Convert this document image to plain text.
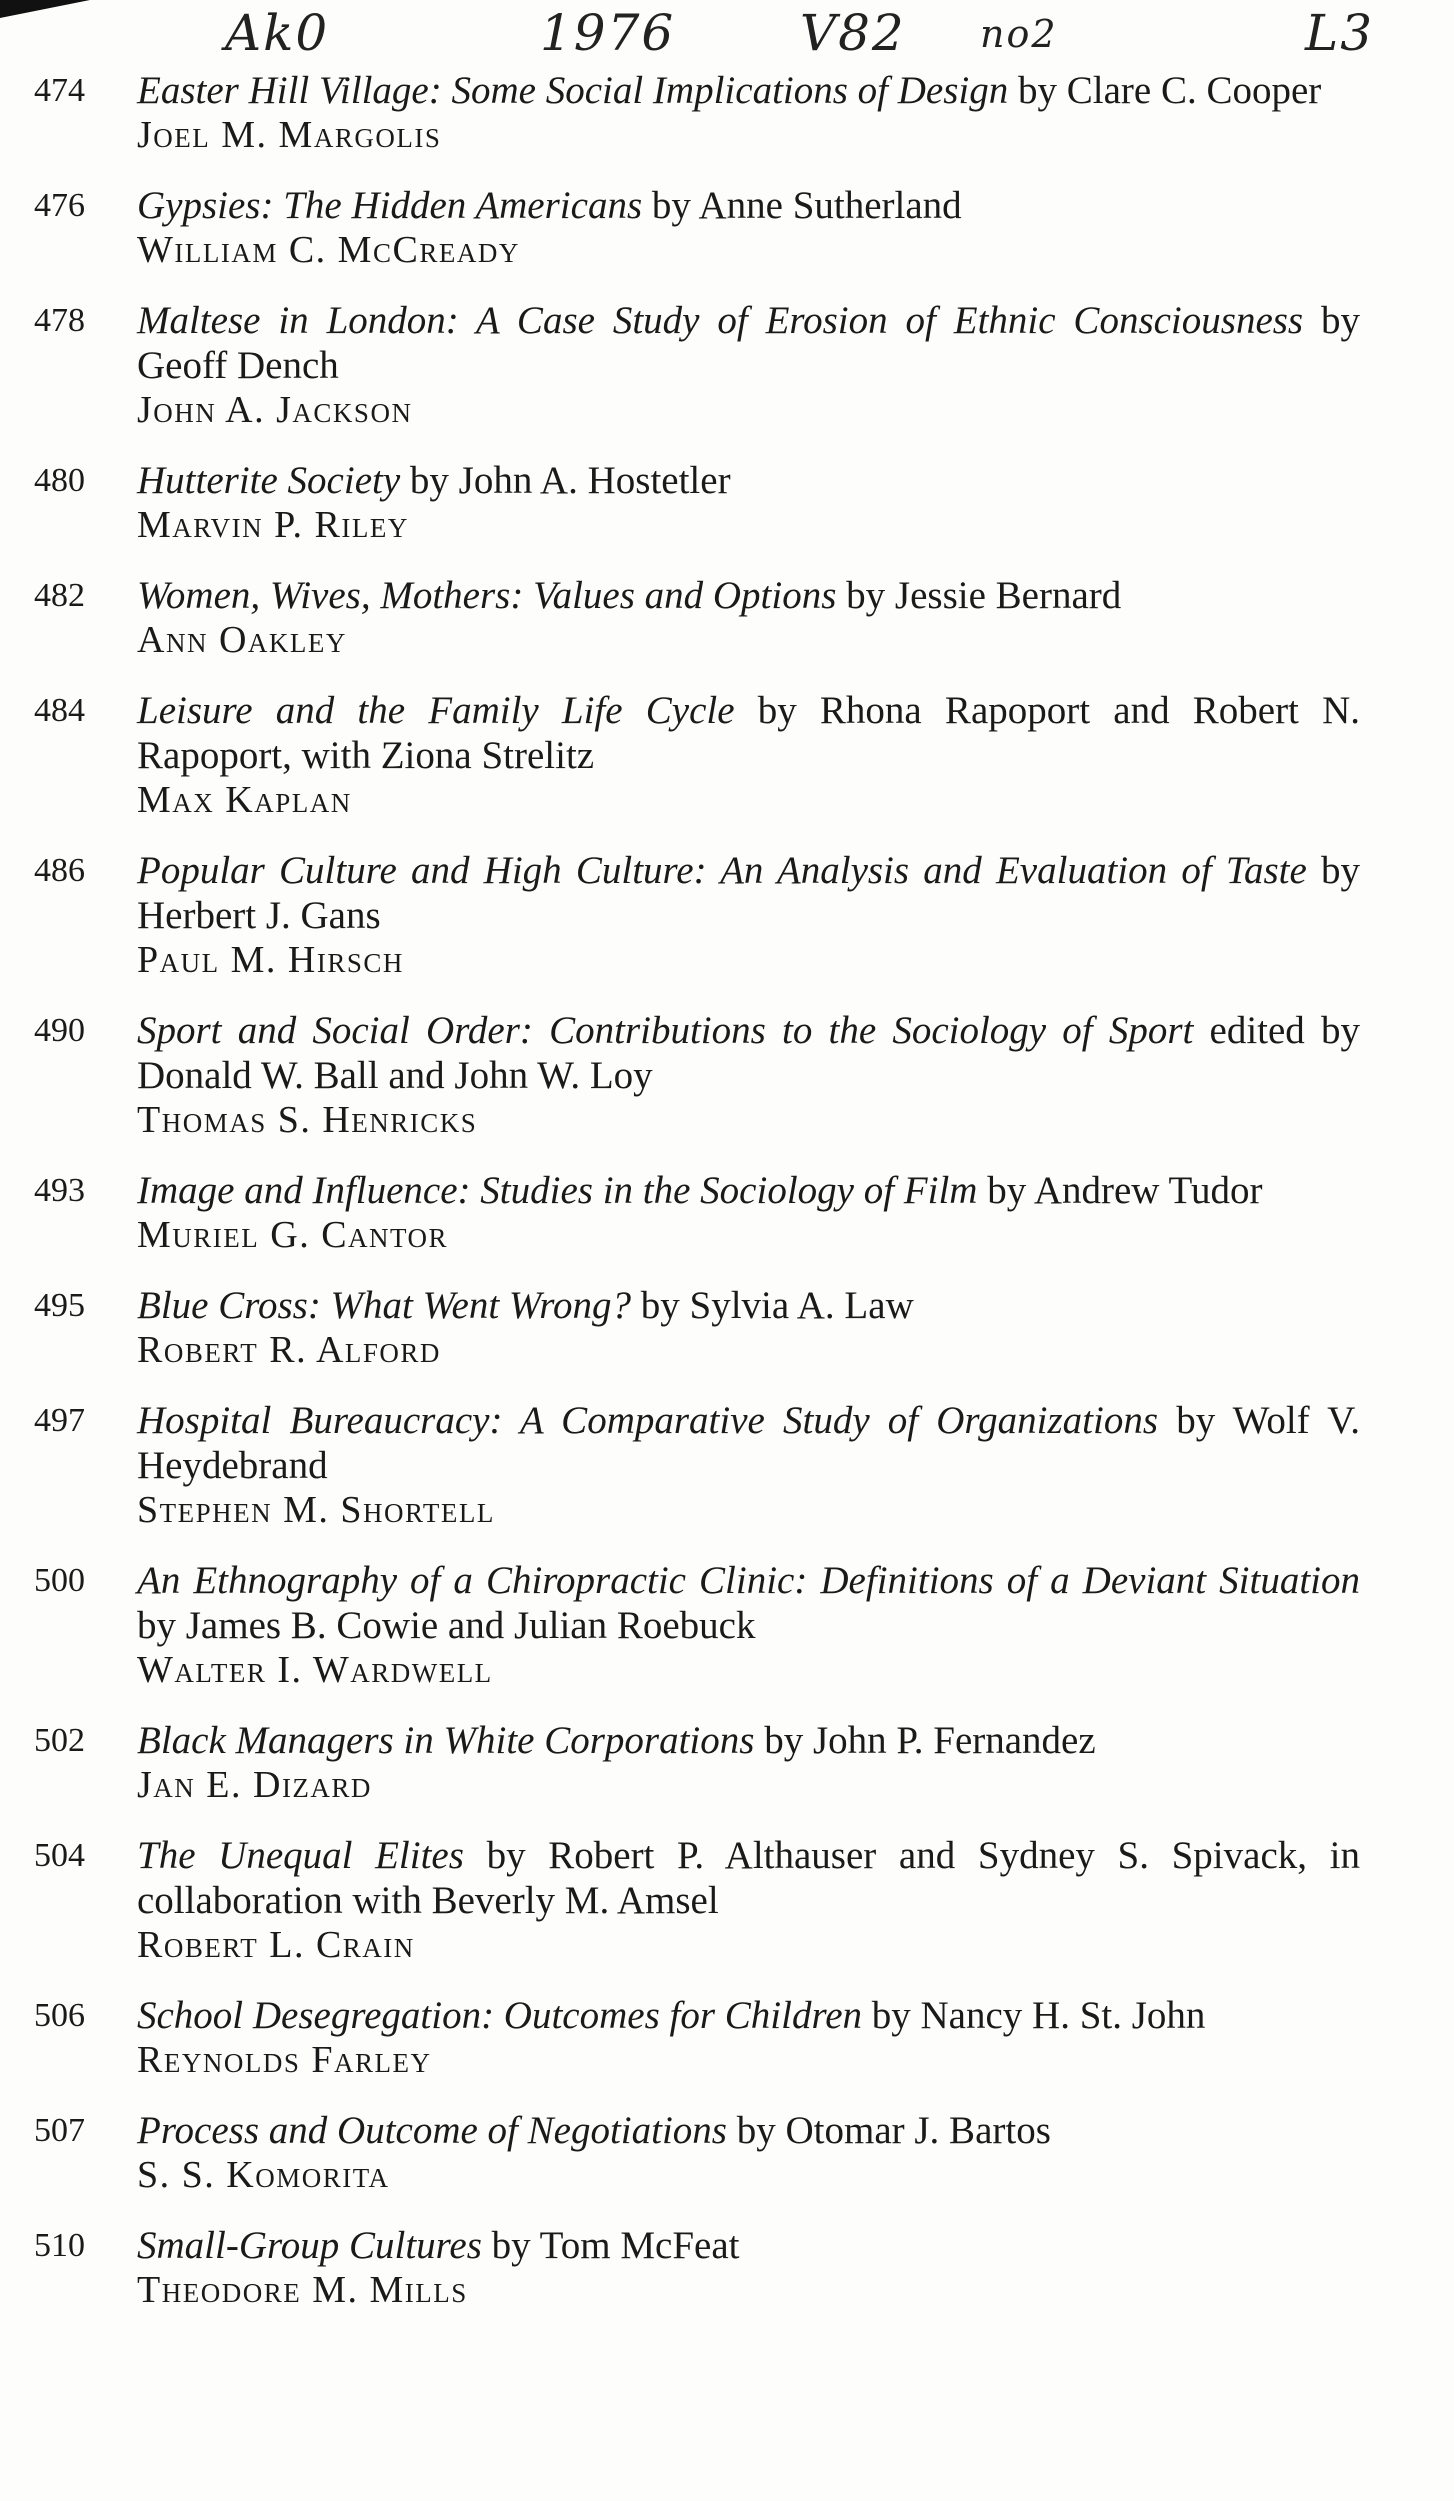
Ak0	1976 V82 no2	L3
474	Easter Hill Village: Some Social Implications of Design by Clare C. Cooper
Joel M. Margolis
476	Gypsies: The Hidden Americans by Anne Sutherland
William C. McCready
478	Maltese in London: A Case Study of Erosion of Ethnic Consciousness by Geoff Dench
John A. Jackson
480	Hutterite Society by John A. Hostetler
Marvin P. Riley
482	Women, Wives, Mothers: Values and Options by Jessie Bernard
Ann Oakley
484	Leisure and the Family Life Cycle by Rhona Rapoport and Robert N. Rapoport, with Ziona Strelitz
Max Kaplan
486	Popular Culture and High Culture: An Analysis and Evaluation of Taste by Herbert J. Gans
Paul M. Hirsch
490	Sport and Social Order: Contributions to the Sociology of Sport edited by Donald W. Ball and John W. Loy
Thomas S. Henricks
493	Image and Influence: Studies in the Sociology of Film by Andrew Tudor
Muriel G. Cantor
495	Blue Cross: What Went Wrong? by Sylvia A. Law
Robert R. Alford
497	Hospital Bureaucracy: A Comparative Study of Organizations by Wolf V. Heydebrand
Stephen M. Shortell
500	An Ethnography of a Chiropractic Clinic: Definitions of a Deviant Situation by James B. Cowie and Julian Roebuck
Walter I. Wardwell
502	Black Managers in White Corporations by John P. Fernandez
Jan E. Dizard
504	The Unequal Elites by Robert P. Althauser and Sydney S. Spivack, in collaboration with Beverly M. Amsel
Robert L. Crain
506	School Desegregation: Outcomes for Children by Nancy H. St. John
Reynolds Farley
507	Process and Outcome of Negotiations by Otomar J. Bartos
S. S. Komorita
510	Small-Group Cultures by Tom McFeat
Theodore M. Mills
